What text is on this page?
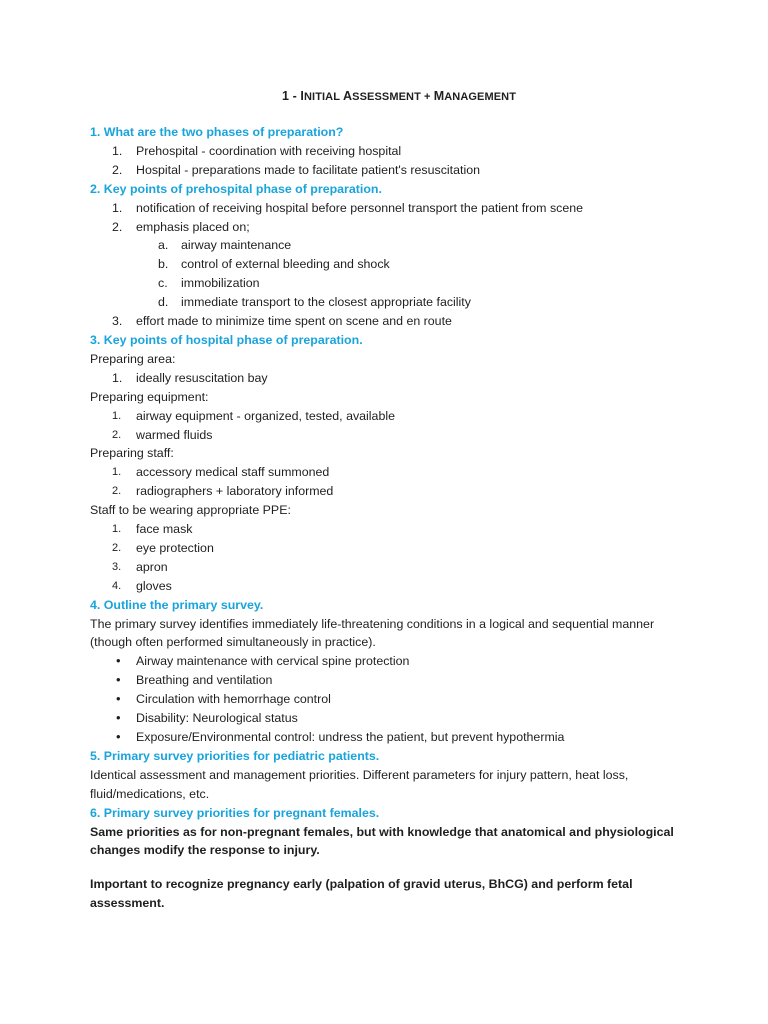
1 - INITIAL ASSESSMENT + MANAGEMENT

1. What are the two phases of preparation?

1.	Prehospital - coordination with receiving hospital
2.	Hospital - preparations made to facilitate patient's resuscitation

2. Key points of prehospital phase of preparation.

1.	notification of receiving hospital before personnel transport the patient from scene
2.	emphasis placed on;
a.	airway maintenance
b.	control of external bleeding and shock
c.	immobilization
d.	immediate transport to the closest appropriate facility
3.	effort made to minimize time spent on scene and en route

3. Key points of hospital phase of preparation.

Preparing area:

1.	ideally resuscitation bay

Preparing equipment:

1.	airway equipment - organized, tested, available
2.	warmed fluids

Preparing staff:

1.	accessory medical staff summoned
2.	radiographers + laboratory informed

Staff to be wearing appropriate PPE:

1.	face mask
2.	eye protection
3.	apron
4.	gloves

4. Outline the primary survey.

The primary survey identifies immediately life-threatening conditions in a logical and sequential manner

(though often performed simultaneously in practice).

•	Airway maintenance with cervical spine protection
•	Breathing and ventilation
•	Circulation with hemorrhage control
•	Disability: Neurological status
•	Exposure/Environmental control: undress the patient, but prevent hypothermia

5. Primary survey priorities for pediatric patients.

Identical assessment and management priorities. Different parameters for injury pattern, heat loss,

fluid/medications, etc.

6. Primary survey priorities for pregnant females.

Same priorities as for non-pregnant females, but with knowledge that anatomical and physiological

changes modify the response to injury.

Important to recognize pregnancy early (palpation of gravid uterus, BhCG) and perform fetal

assessment.
